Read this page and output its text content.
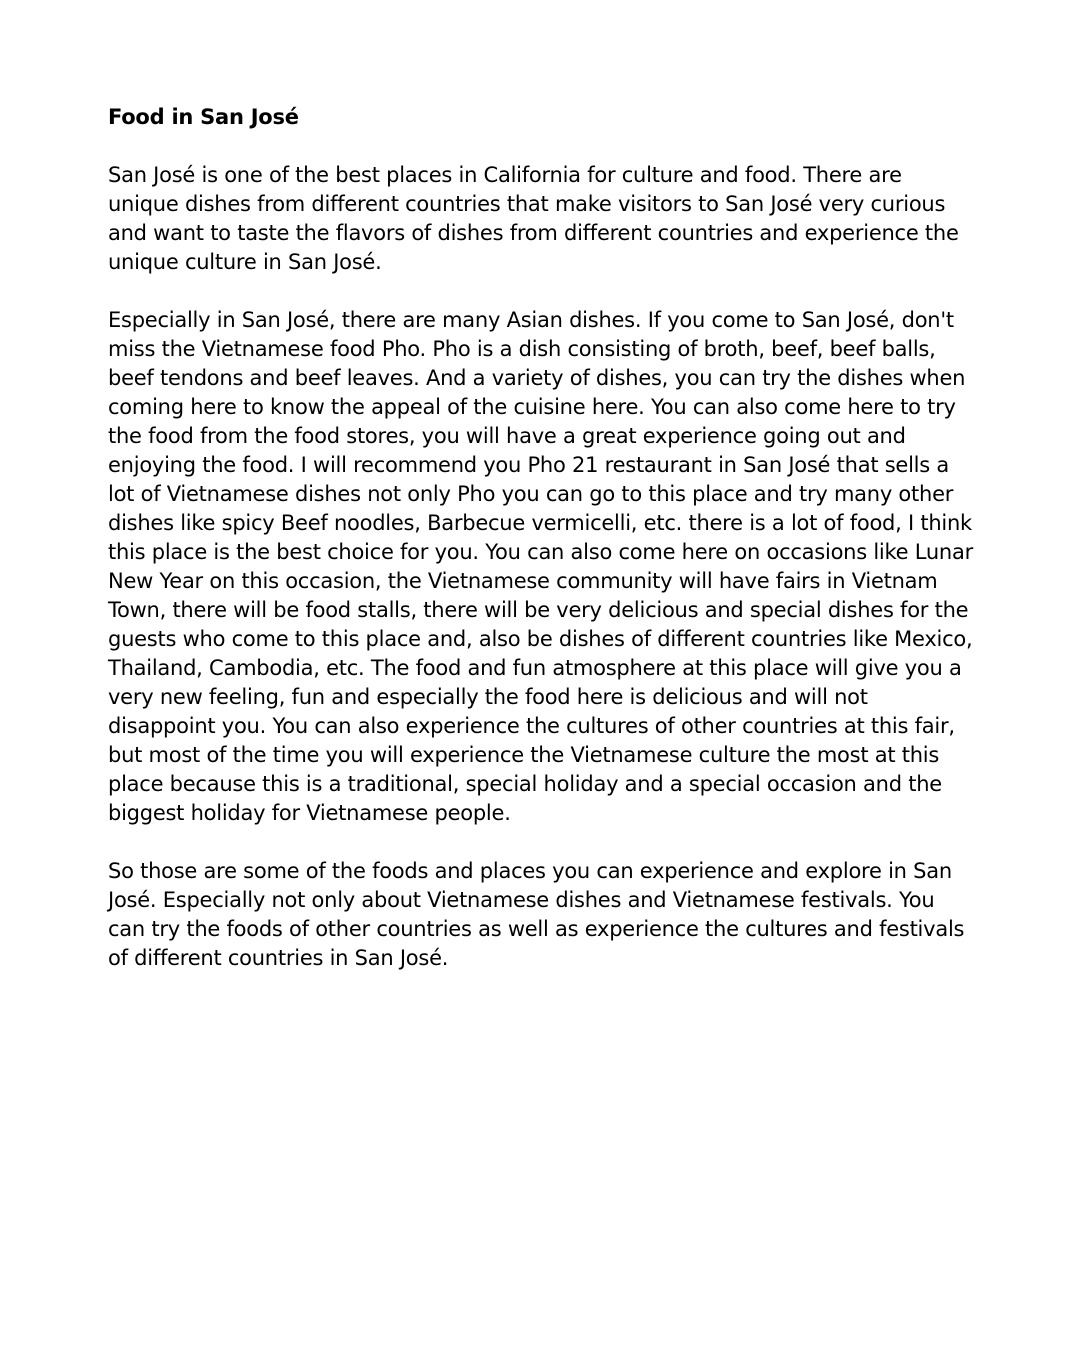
Food in San José

San José is one of the best places in California for culture and food. There are unique dishes from different countries that make visitors to San José very curious and want to taste the flavors of dishes from different countries and experience the unique culture in San José.

Especially in San José, there are many Asian dishes. If you come to San José, don't miss the Vietnamese food Pho. Pho is a dish consisting of broth, beef, beef balls, beef tendons and beef leaves. And a variety of dishes, you can try the dishes when coming here to know the appeal of the cuisine here. You can also come here to try the food from the food stores, you will have a great experience going out and enjoying the food. I will recommend you Pho 21 restaurant in San José that sells a lot of Vietnamese dishes not only Pho you can go to this place and try many other dishes like spicy Beef noodles, Barbecue vermicelli, etc. there is a lot of food, I think this place is the best choice for you. You can also come here on occasions like Lunar New Year on this occasion, the Vietnamese community will have fairs in Vietnam Town, there will be food stalls, there will be very delicious and special dishes for the guests who come to this place and, also be dishes of different countries like Mexico, Thailand, Cambodia, etc. The food and fun atmosphere at this place will give you a very new feeling, fun and especially the food here is delicious and will not disappoint you. You can also experience the cultures of other countries at this fair, but most of the time you will experience the Vietnamese culture the most at this place because this is a traditional, special holiday and a special occasion and the biggest holiday for Vietnamese people.

So those are some of the foods and places you can experience and explore in San José. Especially not only about Vietnamese dishes and Vietnamese festivals. You can try the foods of other countries as well as experience the cultures and festivals of different countries in San José.
